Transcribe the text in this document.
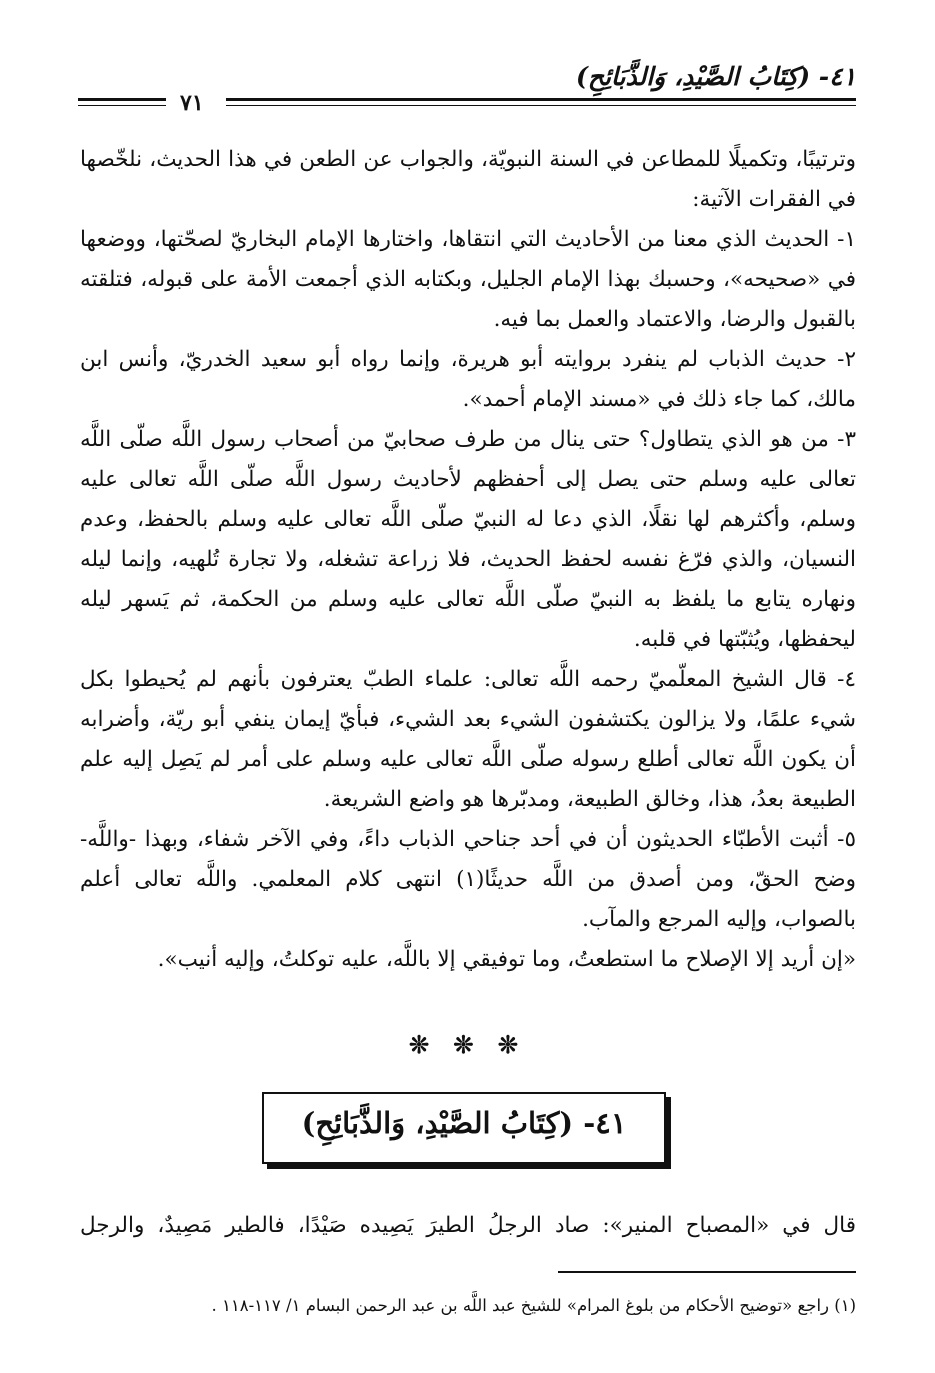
٤١- (كِتَابُ الصَّيْدِ، وَالذَّبَائِحِ)
٧١

وترتيبًا، وتكميلًا للمطاعن في السنة النبويّة، والجواب عن الطعن في هذا الحديث، نلخّصها في الفقرات الآتية:

١- الحديث الذي معنا من الأحاديث التي انتقاها، واختارها الإمام البخاريّ لصحّتها، ووضعها في «صحيحه»، وحسبك بهذا الإمام الجليل، وبكتابه الذي أجمعت الأمة على قبوله، فتلقته بالقبول والرضا، والاعتماد والعمل بما فيه.

٢- حديث الذباب لم ينفرد بروايته أبو هريرة، وإنما رواه أبو سعيد الخدريّ، وأنس ابن مالك، كما جاء ذلك في «مسند الإمام أحمد».

٣- من هو الذي يتطاول؟ حتى ينال من طرف صحابيّ من أصحاب رسول اللَّه صلّى اللَّه تعالى عليه وسلم حتى يصل إلى أحفظهم لأحاديث رسول اللَّه صلّى اللَّه تعالى عليه وسلم، وأكثرهم لها نقلًا، الذي دعا له النبيّ صلّى اللَّه تعالى عليه وسلم بالحفظ، وعدم النسيان، والذي فرّغ نفسه لحفظ الحديث، فلا زراعة تشغله، ولا تجارة تُلهيه، وإنما ليله ونهاره يتابع ما يلفظ به النبيّ صلّى اللَّه تعالى عليه وسلم من الحكمة، ثم يَسهر ليله ليحفظها، ويُثبّتها في قلبه.

٤- قال الشيخ المعلّميّ رحمه اللَّه تعالى: علماء الطبّ يعترفون بأنهم لم يُحيطوا بكل شيء علمًا، ولا يزالون يكتشفون الشيء بعد الشيء، فبأيّ إيمان ينفي أبو ريّة، وأضرابه أن يكون اللَّه تعالى أطلع رسوله صلّى اللَّه تعالى عليه وسلم على أمر لم يَصِل إليه علم الطبيعة بعدُ، هذا، وخالق الطبيعة، ومدبّرها هو واضع الشريعة.

٥- أثبت الأطبّاء الحديثون أن في أحد جناحي الذباب داءً، وفي الآخر شفاء، وبهذا -واللَّه- وضح الحقّ، ومن أصدق من اللَّه حديثًا(١) انتهى كلام المعلمي. واللَّه تعالى أعلم بالصواب، وإليه المرجع والمآب.

«إن أريد إلا الإصلاح ما استطعتُ، وما توفيقي إلا باللَّه، عليه توكلتُ، وإليه أنيب».

❊ ❊ ❊
٤١- (كِتَابُ الصَّيْدِ، وَالذَّبَائِحِ)
قال في «المصباح المنير»: صاد الرجلُ الطيرَ يَصِيده صَيْدًا، فالطير مَصِيدٌ، والرجل
(١) راجع «توضيح الأحكام من بلوغ المرام» للشيخ عبد اللَّه بن عبد الرحمن البسام ١/ ١١٧-١١٨ .
